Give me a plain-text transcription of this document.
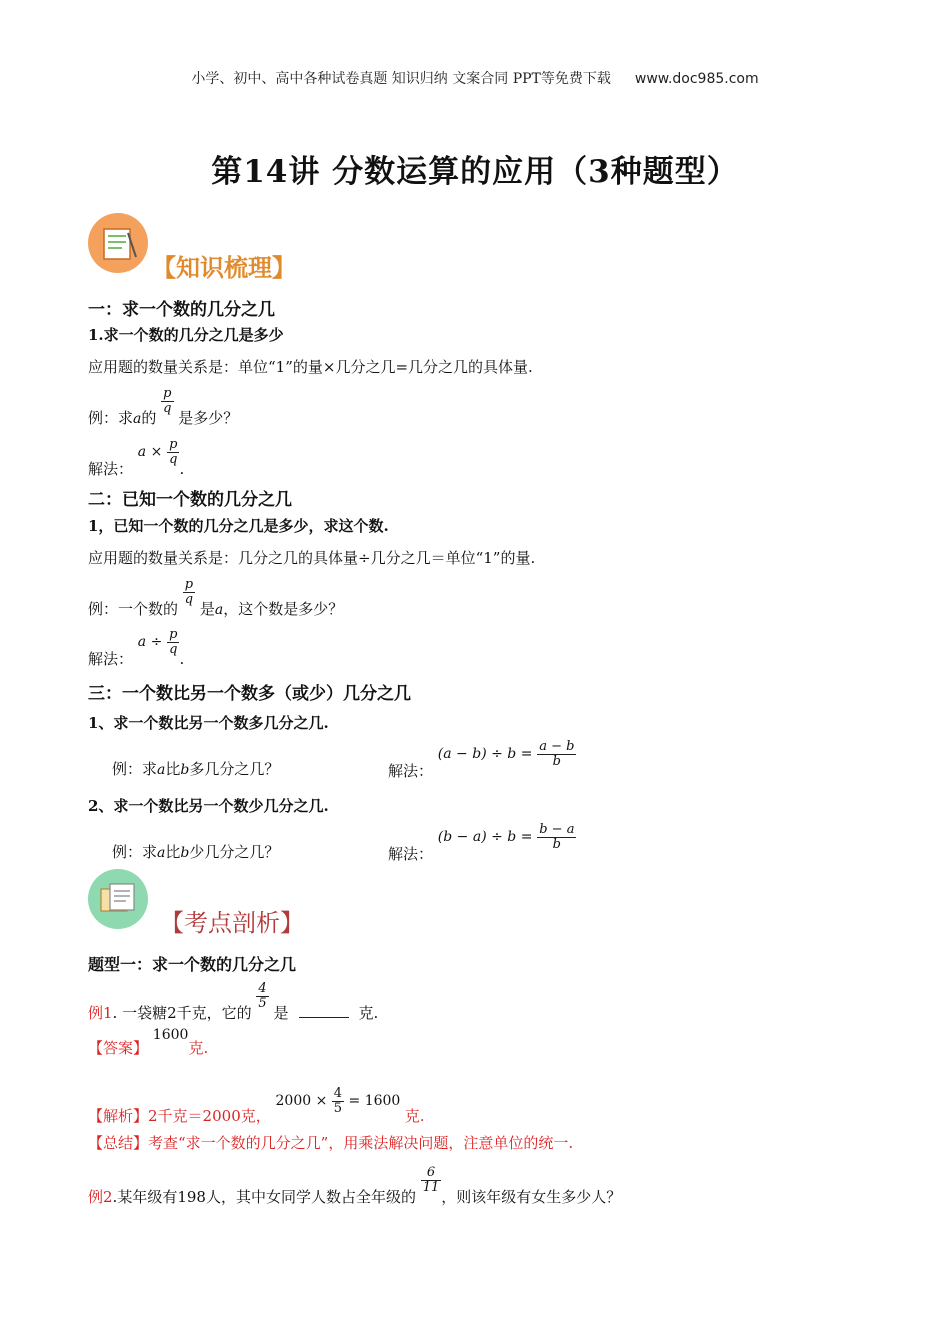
小学、初中、高中各种试卷真题 知识归纳 文案合同 PPT等免费下载 www.doc985.com
第14讲 分数运算的应用（3种题型）
【知识梳理】
一：求一个数的几分之几
1.求一个数的几分之几是多少
应用题的数量关系是：单位“1”的量×几分之几=几分之几的具体量.
例：求a的
$\frac{p}{q}$
是多少？
解法： $a \times \frac{p}{q}$
.
二：已知一个数的几分之几
1，已知一个数的几分之几是多少，求这个数.
应用题的数量关系是：几分之几的具体量÷几分之几＝单位“1”的量.
例：一个数的
$\frac{p}{q}$
是a，这个数是多少？
解法： $a \div \frac{p}{q}$
.
三：一个数比另一个数多（或少）几分之几
1、求一个数比另一个数多几分之几.
例：求a比b多几分之几？	解法： $(a - b) \div b = \frac{a - b}{b}$
2、求一个数比另一个数少几分之几.
例：求a比b少几分之几？	解法： $(b - a) \div b = \frac{b - a}{b}$
【考点剖析】
题型一：求一个数的几分之几
例1. 一袋糖2千克，它的
$\frac{4}{5}$
是	克.
【答案】 1600克.
【解析】2千克＝2000克， $2000 \times \frac{4}{5} = 1600$ 克.
【总结】考查“求一个数的几分之几”，用乘法解决问题，注意单位的统一.
例2.某年级有198人，其中女同学人数占全年级的
$\frac{6}{11}$
，则该年级有女生多少人？
